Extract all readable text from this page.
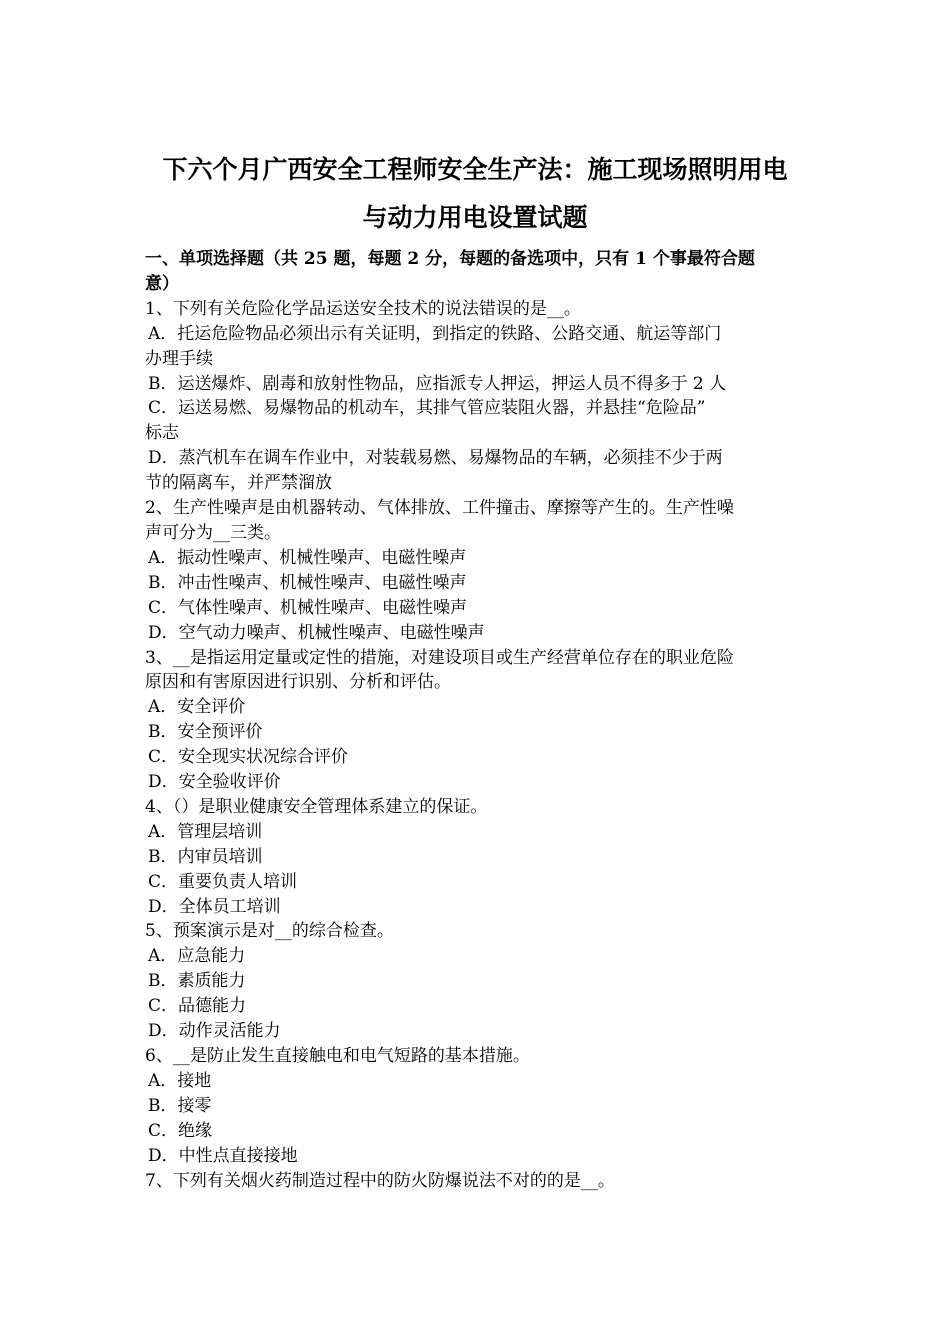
下六个月广西安全工程师安全生产法：施工现场照明用电
与动力用电设置试题
一、单项选择题（共 25 题，每题 2 分，每题的备选项中，只有 1 个事最符合题
意）
1、下列有关危险化学品运送安全技术的说法错误的是__。
A．托运危险物品必须出示有关证明，到指定的铁路、公路交通、航运等部门
办理手续
B．运送爆炸、剧毒和放射性物品，应指派专人押运，押运人员不得多于 2 人
C．运送易燃、易爆物品的机动车，其排气管应装阻火器，并悬挂“危险品”
标志
D．蒸汽机车在调车作业中，对装载易燃、易爆物品的车辆，必须挂不少于两
节的隔离车，并严禁溜放
2、生产性噪声是由机器转动、气体排放、工件撞击、摩擦等产生的。生产性噪
声可分为__三类。
A．振动性噪声、机械性噪声、电磁性噪声
B．冲击性噪声、机械性噪声、电磁性噪声
C．气体性噪声、机械性噪声、电磁性噪声
D．空气动力噪声、机械性噪声、电磁性噪声
3、__是指运用定量或定性的措施，对建设项目或生产经营单位存在的职业危险
原因和有害原因进行识别、分析和评估。
A．安全评价
B．安全预评价
C．安全现实状况综合评价
D．安全验收评价
4、（）是职业健康安全管理体系建立的保证。
A．管理层培训
B．内审员培训
C．重要负责人培训
D．全体员工培训
5、预案演示是对__的综合检查。
A．应急能力
B．素质能力
C．品德能力
D．动作灵活能力
6、__是防止发生直接触电和电气短路的基本措施。
A．接地
B．接零
C．绝缘
D．中性点直接接地
7、下列有关烟火药制造过程中的防火防爆说法不对的的是__。
